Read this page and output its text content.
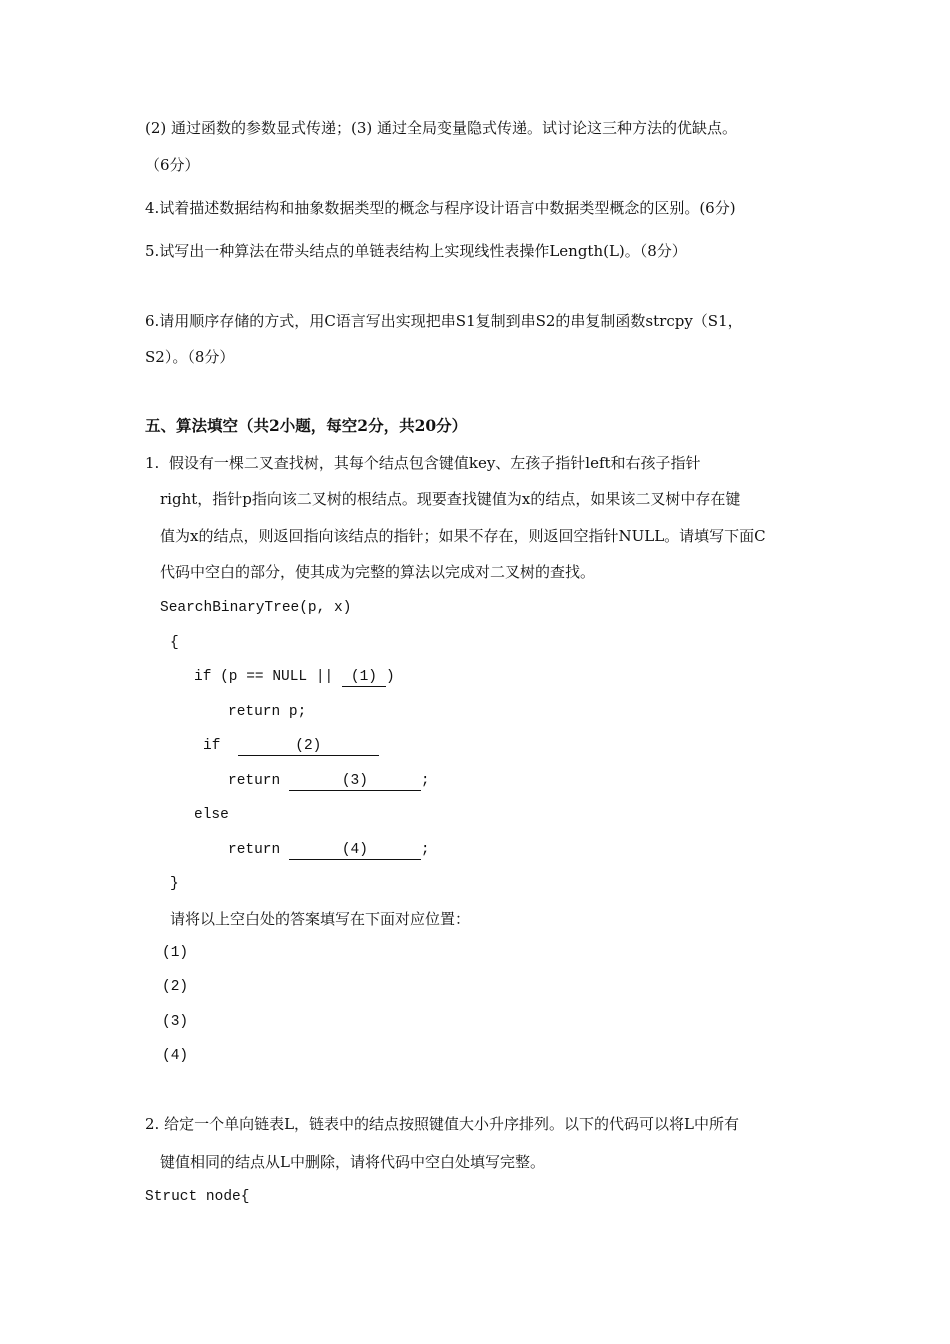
(2) 通过函数的参数显式传递；(3) 通过全局变量隐式传递。试讨论这三种方法的优缺点。
（6分）
4.试着描述数据结构和抽象数据类型的概念与程序设计语言中数据类型概念的区别。(6分)
5.试写出一种算法在带头结点的单链表结构上实现线性表操作Length(L)。（8分）
6.请用顺序存储的方式，用C语言写出实现把串S1复制到串S2的串复制函数strcpy（S1，
S2）。（8分）
五、算法填空（共2小题，每空2分，共20分）
1.  假设有一棵二叉查找树，其每个结点包含键值key、左孩子指针left和右孩子指针
right，指针p指向该二叉树的根结点。现要查找键值为x的结点，如果该二叉树中存在键
值为x的结点，则返回指向该结点的指针；如果不存在，则返回空指针NULL。请填写下面C
代码中空白的部分，使其成为完整的算法以完成对二叉树的查找。
SearchBinaryTree(p, x)
{
if (p == NULL || (1) )
return p;
if	(2)
return	(3)	;
else
return	(4)	;
}
请将以上空白处的答案填写在下面对应位置：
(1)
(2)
(3)
(4)
2. 给定一个单向链表L，链表中的结点按照键值大小升序排列。以下的代码可以将L中所有
键值相同的结点从L中删除，请将代码中空白处填写完整。
Struct node{
